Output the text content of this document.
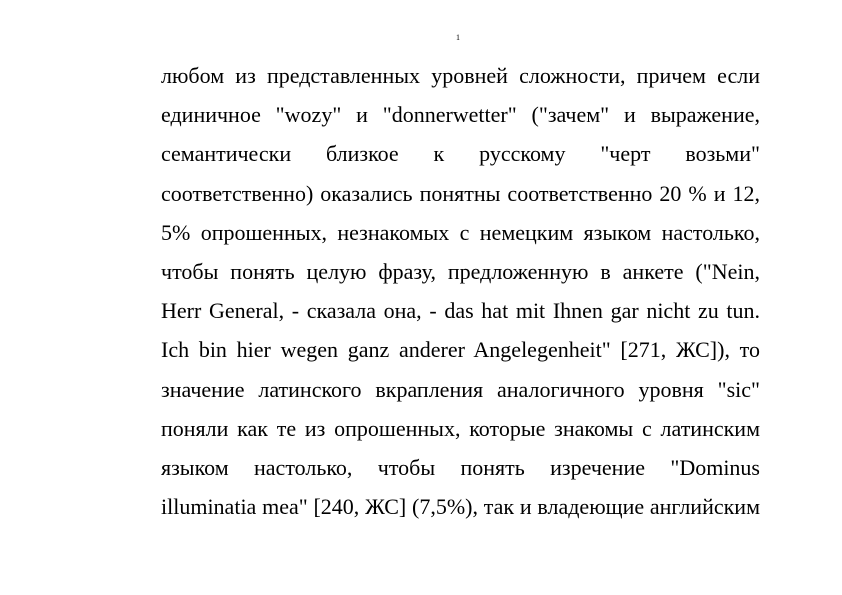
1
любом из представленных уровней сложности, причем если
единичное "wozy" и "donnerwetter" ("зачем" и выражение,
семантически близкое к русскому "черт возьми"
соответственно) оказались понятны соответственно 20 % и 12,
5% опрошенных, незнакомых с немецким языком настолько,
чтобы понять целую фразу, предложенную в анкете ("Nein,
Herr General, - сказала она, - das hat mit Ihnen gar nicht zu tun.
Ich bin hier wegen ganz anderer Angelegenheit" [271, ЖС]), то
значение латинского вкрапления аналогичного уровня "sic"
поняли как те из опрошенных, которые знакомы с латинским
языком настолько, чтобы понять изречение "Dominus
illuminatia mea" [240, ЖС] (7,5%), так и владеющие английским
